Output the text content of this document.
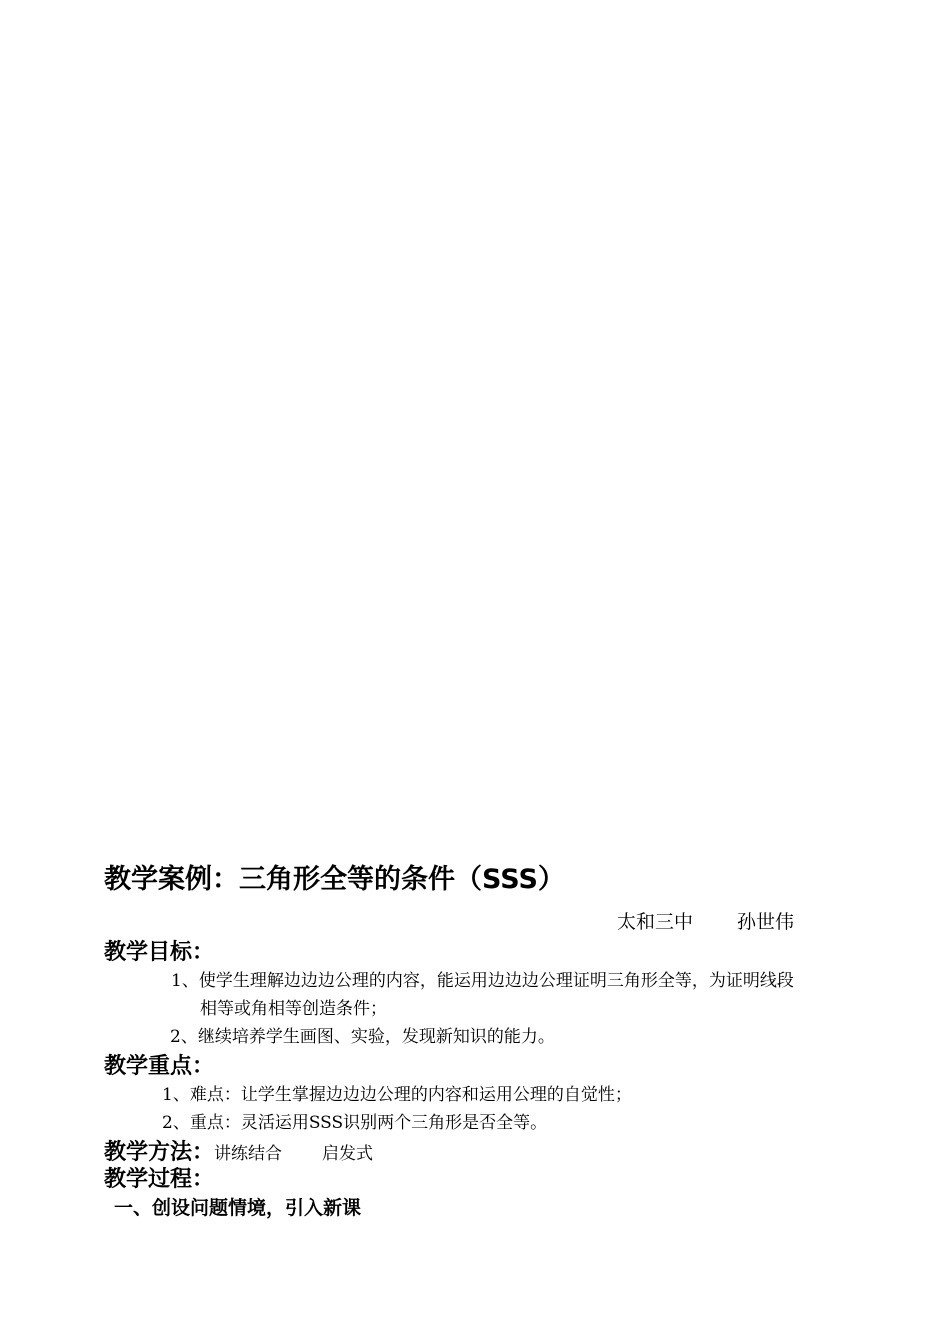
教学案例：三角形全等的条件（SSS）
太和三中 孙世伟
教学目标：
1、使学生理解边边边公理的内容，能运用边边边公理证明三角形全等，为证明线段
相等或角相等创造条件；
2、继续培养学生画图、实验，发现新知识的能力。
教学重点：
1、难点：让学生掌握边边边公理的内容和运用公理的自觉性；
2、重点：灵活运用SSS识别两个三角形是否全等。
教学方法：讲练结合 启发式
教学过程：
一、创设问题情境，引入新课
